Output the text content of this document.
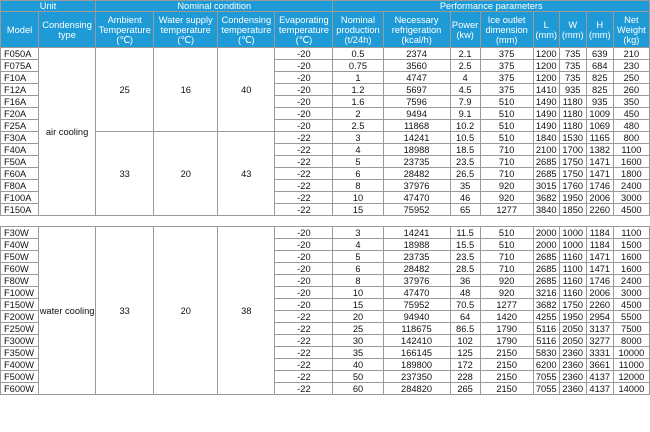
Unit		Nominal condition				Performance parameters							
Model	Condensing type	Ambient Temperature (℃)	Water supply temperature (℃)	Condensing temperature (℃)	Evaporating temperature (℃)	Nominal production (t/24h)	Necessary refrigeration (kcal/h)	Power (kw)	Ice outlet dimension (mm)	L (mm)	W (mm)	H (mm)	Net Weight (kg)
F050A	air cooling	25	16	40	-20	0.5	2374	2.1	375	1200	735	639	210
F075A					-20	0.75	3560	2.5	375	1200	735	684	230
F10A					-20	1	4747	4	375	1200	735	825	250
F12A					-20	1.2	5697	4.5	375	1410	935	825	260
F16A					-20	1.6	7596	7.9	510	1490	1180	935	350
F20A					-20	2	9494	9.1	510	1490	1180	1009	450
F25A					-20	2.5	11868	10.2	510	1490	1180	1069	480
F30A		33	20	43	-22	3	14241	10.5	510	1840	1530	1165	800
F40A					-22	4	18988	18.5	710	2100	1700	1382	1100
F50A					-22	5	23735	23.5	710	2685	1750	1471	1600
F60A					-22	6	28482	26.5	710	2685	1750	1471	1800
F80A					-22	8	37976	35	920	3015	1760	1746	2400
F100A					-22	10	47470	46	920	3682	1950	2006	3000
F150A					-22	15	75952	65	1277	3840	1850	2260	4500

F30W	water cooling	33	20	38	-20	3	14241	11.5	510	2000	1000	1184	1100
F40W					-20	4	18988	15.5	510	2000	1000	1184	1500
F50W					-20	5	23735	23.5	710	2685	1160	1471	1600
F60W					-20	6	28482	28.5	710	2685	1100	1471	1600
F80W					-20	8	37976	36	920	2685	1160	1746	2400
F100W					-20	10	47470	48	920	3216	1160	2006	3000
F150W					-20	15	75952	70.5	1277	3682	1750	2260	4500
F200W					-22	20	94940	64	1420	4255	1950	2954	5500
F250W					-22	25	118675	86.5	1790	5116	2050	3137	7500
F300W					-22	30	142410	102	1790	5116	2050	3277	8000
F350W					-22	35	166145	125	2150	5830	2360	3331	10000
F400W					-22	40	189800	172	2150	6200	2360	3661	11000
F500W					-22	50	237350	228	2150	7055	2360	4137	12000
F600W					-22	60	284820	265	2150	7055	2360	4137	14000
